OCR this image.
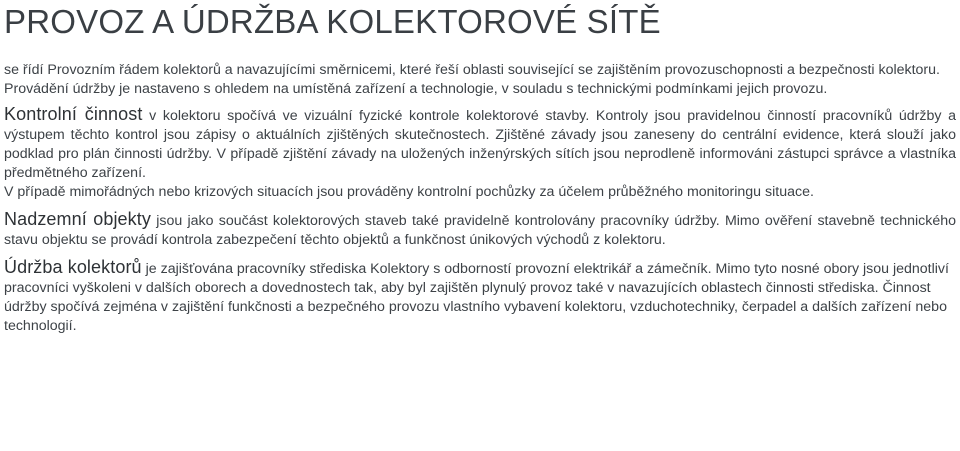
PROVOZ A ÚDRŽBA KOLEKTOROVÉ SÍTĚ

se řídí Provozním řádem kolektorů a navazujícími směrnicemi, které řeší oblasti související se zajištěním provozuschopnosti a bezpečnosti kolektoru.

Provádění údržby je nastaveno s ohledem na umístěná zařízení a technologie, v souladu s technickými podmínkami jejich provozu.

Kontrolní činnost v kolektoru spočívá ve vizuální fyzické kontrole kolektorové stavby. Kontroly jsou pravidelnou činností pracovníků údržby a výstupem těchto kontrol jsou zápisy o aktuálních zjištěných skutečnostech. Zjištěné závady jsou zaneseny do centrální evidence, která slouží jako podklad pro plán činnosti údržby. V případě zjištění závady na uložených inženýrských sítích jsou neprodleně informováni zástupci správce a vlastníka předmětného zařízení.

V případě mimořádných nebo krizových situacích jsou prováděny kontrolní pochůzky za účelem průběžného monitoringu situace.

Nadzemní objekty jsou jako součást kolektorových staveb také pravidelně kontrolovány pracovníky údržby. Mimo ověření stavebně technického stavu objektu se provádí kontrola zabezpečení těchto objektů a funkčnost únikových východů z kolektoru.

Údržba kolektorů je zajišťována pracovníky střediska Kolektory s odborností provozní elektrikář a zámečník. Mimo tyto nosné obory jsou jednotliví pracovníci vyškoleni v dalších oborech a dovednostech tak, aby byl zajištěn plynulý provoz také v navazujících oblastech činnosti střediska. Činnost údržby spočívá zejména v zajištění funkčnosti a bezpečného provozu vlastního vybavení kolektoru, vzduchotechniky, čerpadel a dalších zařízení nebo technologií.
